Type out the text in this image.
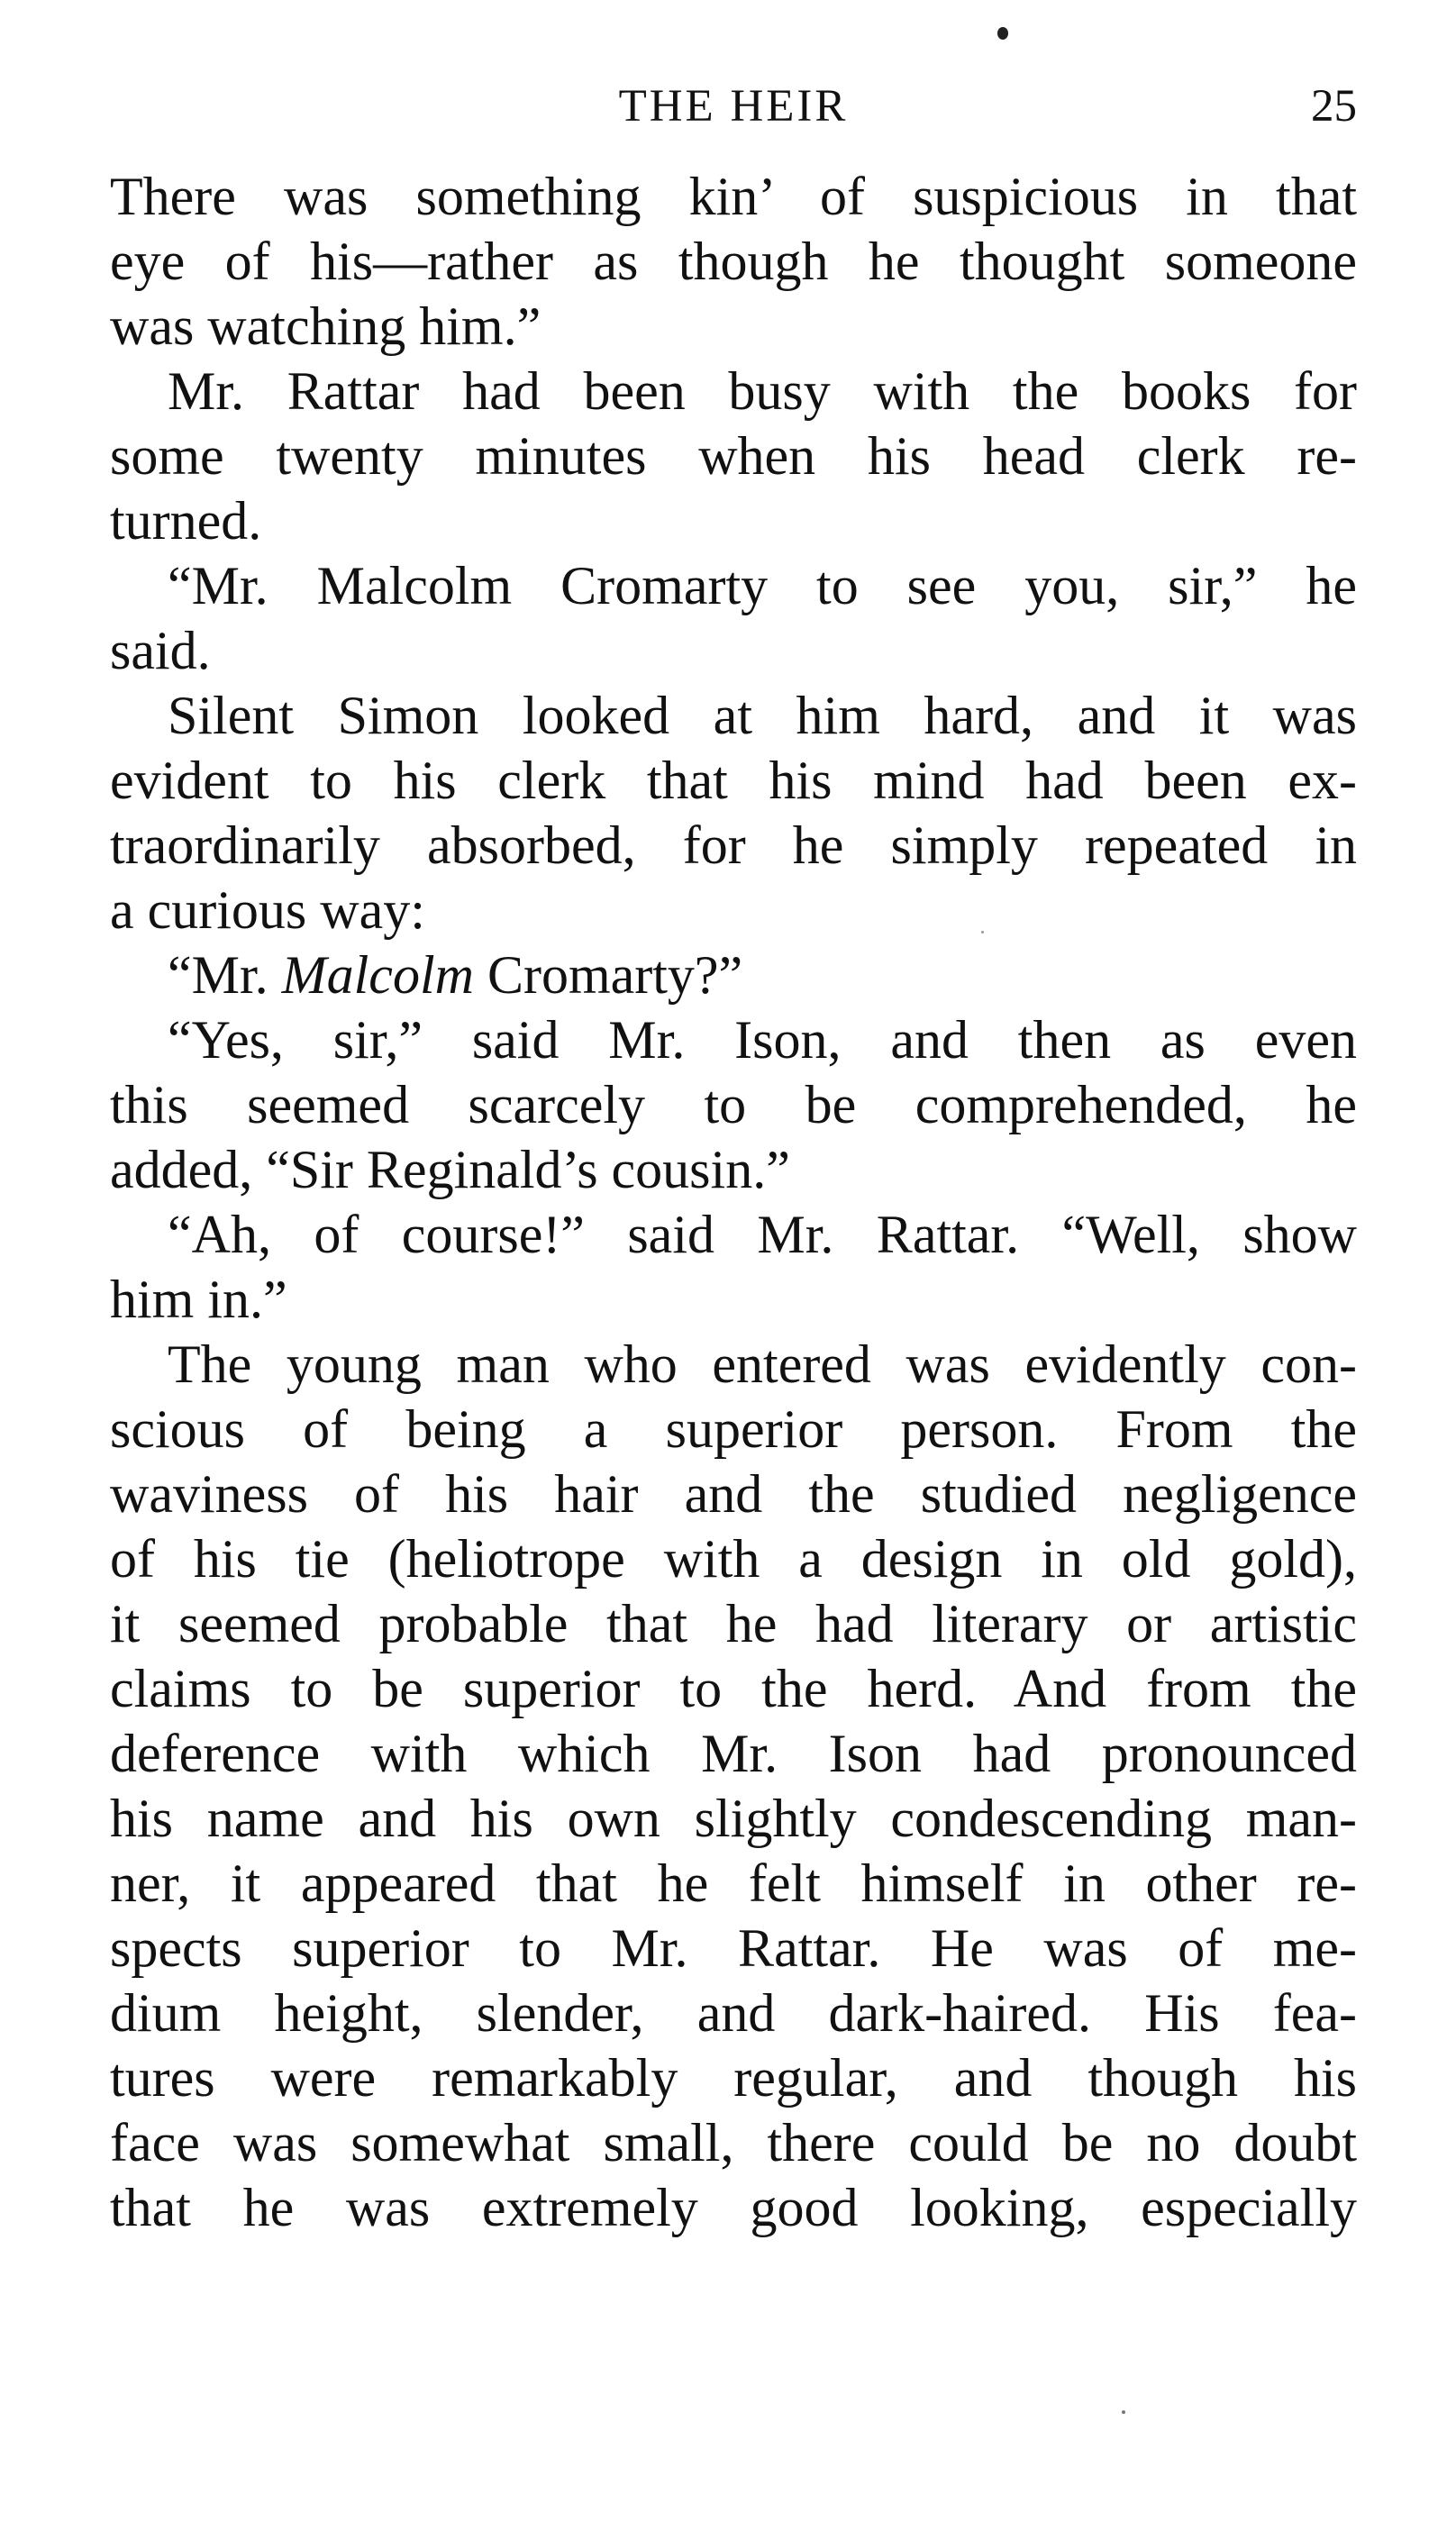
THE HEIR	25
There was something kin’ of suspicious in that
eye of his—rather as though he thought someone
was watching him.”
Mr. Rattar had been busy with the books for
some twenty minutes when his head clerk re-
turned.
“Mr. Malcolm Cromarty to see you, sir,” he
said.
Silent Simon looked at him hard, and it was
evident to his clerk that his mind had been ex-
traordinarily absorbed, for he simply repeated in
a curious way:
“Mr. Malcolm Cromarty?”
“Yes, sir,” said Mr. Ison, and then as even
this seemed scarcely to be comprehended, he
added, “Sir Reginald’s cousin.”
“Ah, of course!” said Mr. Rattar. “Well, show
him in.”
The young man who entered was evidently con-
scious of being a superior person. From the
waviness of his hair and the studied negligence
of his tie (heliotrope with a design in old gold),
it seemed probable that he had literary or artistic
claims to be superior to the herd. And from the
deference with which Mr. Ison had pronounced
his name and his own slightly condescending man-
ner, it appeared that he felt himself in other re-
spects superior to Mr. Rattar. He was of me-
dium height, slender, and dark-haired. His fea-
tures were remarkably regular, and though his
face was somewhat small, there could be no doubt
that he was extremely good looking, especially
